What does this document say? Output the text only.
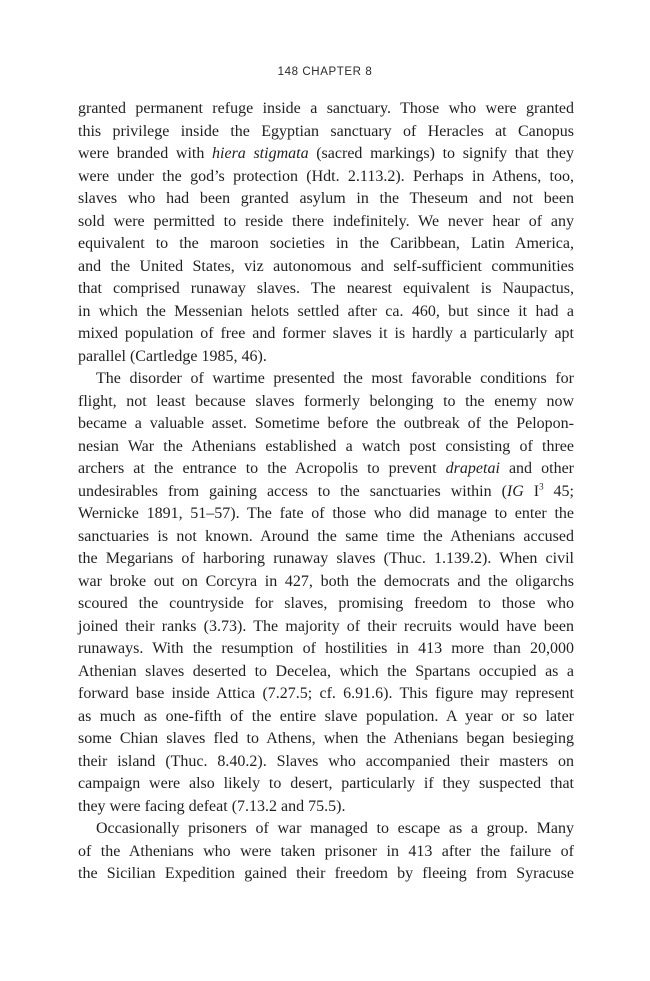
148 CHAPTER 8
granted permanent refuge inside a sanctuary. Those who were granted
this privilege inside the Egyptian sanctuary of Heracles at Canopus
were branded with hiera stigmata (sacred markings) to signify that they
were under the god’s protection (Hdt. 2.113.2). Perhaps in Athens, too,
slaves who had been granted asylum in the Theseum and not been
sold were permitted to reside there indefinitely. We never hear of any
equivalent to the maroon societies in the Caribbean, Latin America,
and the United States, viz autonomous and self-sufficient communities
that comprised runaway slaves. The nearest equivalent is Naupactus,
in which the Messenian helots settled after ca. 460, but since it had a
mixed population of free and former slaves it is hardly a particularly apt
parallel (Cartledge 1985, 46).
The disorder of wartime presented the most favorable conditions for
flight, not least because slaves formerly belonging to the enemy now
became a valuable asset. Sometime before the outbreak of the Pelopon-
nesian War the Athenians established a watch post consisting of three
archers at the entrance to the Acropolis to prevent drapetai and other
undesirables from gaining access to the sanctuaries within (IG $I^3$ 45;
Wernicke 1891, 51–57). The fate of those who did manage to enter the
sanctuaries is not known. Around the same time the Athenians accused
the Megarians of harboring runaway slaves (Thuc. 1.139.2). When civil
war broke out on Corcyra in 427, both the democrats and the oligarchs
scoured the countryside for slaves, promising freedom to those who
joined their ranks (3.73). The majority of their recruits would have been
runaways. With the resumption of hostilities in 413 more than 20,000
Athenian slaves deserted to Decelea, which the Spartans occupied as a
forward base inside Attica (7.27.5; cf. 6.91.6). This figure may represent
as much as one-fifth of the entire slave population. A year or so later
some Chian slaves fled to Athens, when the Athenians began besieging
their island (Thuc. 8.40.2). Slaves who accompanied their masters on
campaign were also likely to desert, particularly if they suspected that
they were facing defeat (7.13.2 and 75.5).
Occasionally prisoners of war managed to escape as a group. Many
of the Athenians who were taken prisoner in 413 after the failure of
the Sicilian Expedition gained their freedom by fleeing from Syracuse
